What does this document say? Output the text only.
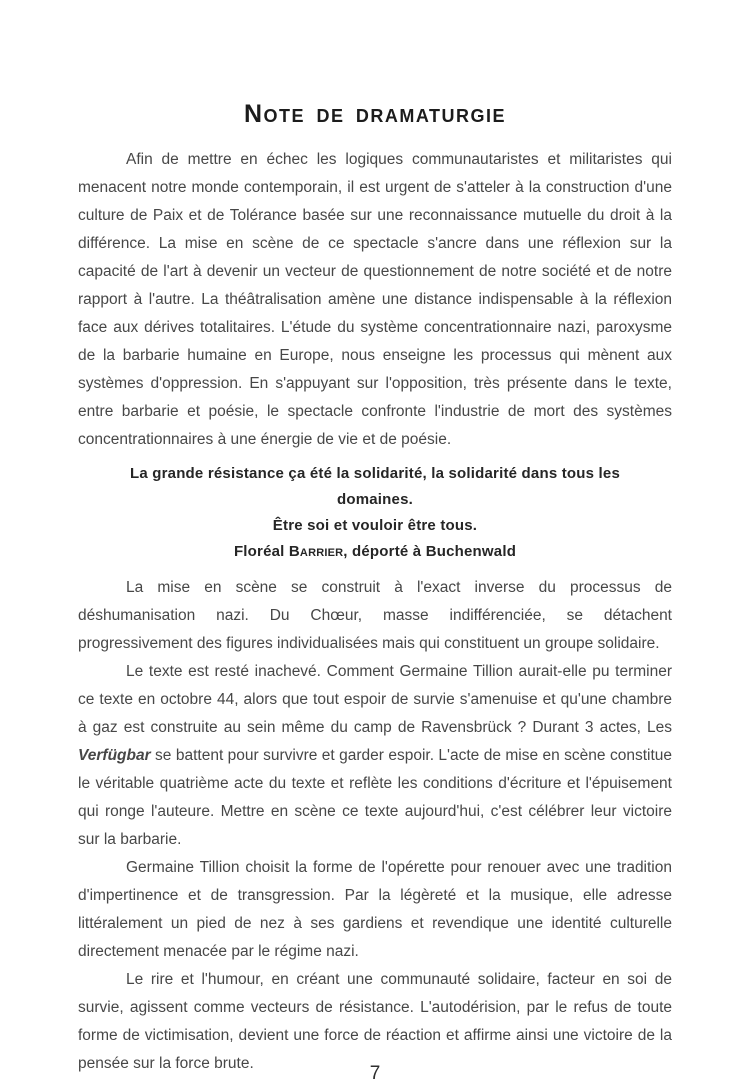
Note de dramaturgie

Afin de mettre en échec les logiques communautaristes et militaristes qui menacent notre monde contemporain, il est urgent de s'atteler à la construction d'une culture de Paix et de Tolérance basée sur une reconnaissance mutuelle du droit à la différence. La mise en scène de ce spectacle s'ancre dans une réflexion sur la capacité de l'art à devenir un vecteur de questionnement de notre société et de notre rapport à l'autre. La théâtralisation amène une distance indispensable à la réflexion face aux dérives totalitaires. L'étude du système concentrationnaire nazi, paroxysme de la barbarie humaine en Europe, nous enseigne les processus qui mènent aux systèmes d'oppression. En s'appuyant sur l'opposition, très présente dans le texte, entre barbarie et poésie, le spectacle confronte l'industrie de mort des systèmes concentrationnaires à une énergie de vie et de poésie.

La grande résistance ça été la solidarité, la solidarité dans tous les
domaines.
Être soi et vouloir être tous.
Floréal Barrier, déporté à Buchenwald

La mise en scène se construit à l'exact inverse du processus de déshumanisation nazi. Du Chœur, masse indifférenciée, se détachent progressivement des figures individualisées mais qui constituent un groupe solidaire.

Le texte est resté inachevé. Comment Germaine Tillion aurait-elle pu terminer ce texte en octobre 44, alors que tout espoir de survie s'amenuise et qu'une chambre à gaz est construite au sein même du camp de Ravensbrück ? Durant 3 actes, Les Verfügbar se battent pour survivre et garder espoir. L'acte de mise en scène constitue le véritable quatrième acte du texte et reflète les conditions d'écriture et l'épuisement qui ronge l'auteure. Mettre en scène ce texte aujourd'hui, c'est célébrer leur victoire sur la barbarie.

Germaine Tillion choisit la forme de l'opérette pour renouer avec une tradition d'impertinence et de transgression. Par la légèreté et la musique, elle adresse littéralement un pied de nez à ses gardiens et revendique une identité culturelle directement menacée par le régime nazi.

Le rire et l'humour, en créant une communauté solidaire, facteur en soi de survie, agissent comme vecteurs de résistance. L'autodérision, par le refus de toute forme de victimisation, devient une force de réaction et affirme ainsi une victoire de la pensée sur la force brute.	7
